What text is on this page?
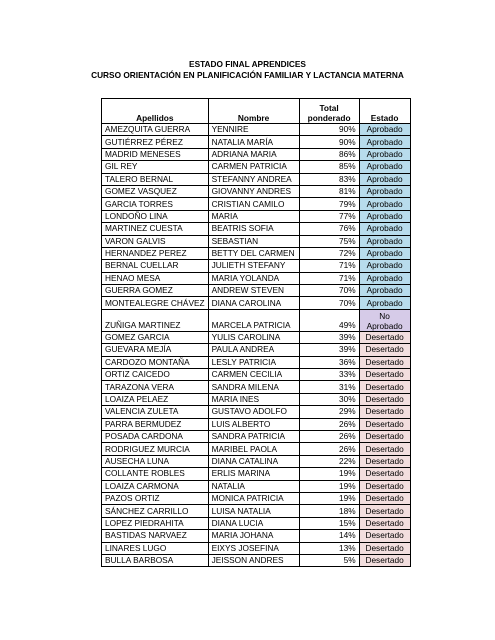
ESTADO FINAL APRENDICES
CURSO ORIENTACIÓN EN PLANIFICACIÓN FAMILIAR Y LACTANCIA MATERNA
Apellidos	Nombre	Total ponderado	Estado
AMEZQUITA GUERRA	YENNIRE	90%	Aprobado
GUTIÉRREZ PÉREZ	NATALIA MARÍA	90%	Aprobado
MADRID MENESES	ADRIANA MARIA	86%	Aprobado
GIL REY	CARMEN PATRICIA	85%	Aprobado
TALERO BERNAL	STEFANNY ANDREA	83%	Aprobado
GOMEZ VASQUEZ	GIOVANNY ANDRES	81%	Aprobado
GARCIA TORRES	CRISTIAN CAMILO	79%	Aprobado
LONDOÑO LINA	MARIA	77%	Aprobado
MARTINEZ CUESTA	BEATRIS SOFIA	76%	Aprobado
VARON GALVIS	SEBASTIAN	75%	Aprobado
HERNANDEZ PEREZ	BETTY DEL CARMEN	72%	Aprobado
BERNAL CUELLAR	JULIETH STEFANY	71%	Aprobado
HENAO MESA	MARIA YOLANDA	71%	Aprobado
GUERRA GOMEZ	ANDREW STEVEN	70%	Aprobado
MONTEALEGRE CHÁVEZ	DIANA CAROLINA	70%	Aprobado
ZUÑIGA MARTINEZ	MARCELA PATRICIA	49%	No Aprobado
GOMEZ GARCIA	YULIS CAROLINA	39%	Desertado
GUEVARA MEJÍA	PAULA ANDREA	39%	Desertado
CARDOZO MONTAÑA	LESLY PATRICIA	36%	Desertado
ORTIZ CAICEDO	CARMEN CECILIA	33%	Desertado
TARAZONA VERA	SANDRA MILENA	31%	Desertado
LOAIZA PELAEZ	MARIA INES	30%	Desertado
VALENCIA ZULETA	GUSTAVO ADOLFO	29%	Desertado
PARRA BERMUDEZ	LUIS ALBERTO	26%	Desertado
POSADA CARDONA	SANDRA PATRICIA	26%	Desertado
RODRIGUEZ MURCIA	MARIBEL PAOLA	26%	Desertado
AUSECHA LUNA	DIANA CATALINA	22%	Desertado
COLLANTE ROBLES	ERLIS MARINA	19%	Desertado
LOAIZA CARMONA	NATALIA	19%	Desertado
PAZOS ORTIZ	MONICA PATRICIA	19%	Desertado
SÁNCHEZ CARRILLO	LUISA NATALIA	18%	Desertado
LOPEZ PIEDRAHITA	DIANA LUCIA	15%	Desertado
BASTIDAS NARVAEZ	MARIA JOHANA	14%	Desertado
LINARES LUGO	EIXYS JOSEFINA	13%	Desertado
BULLA BARBOSA	JEISSON ANDRES	5%	Desertado
